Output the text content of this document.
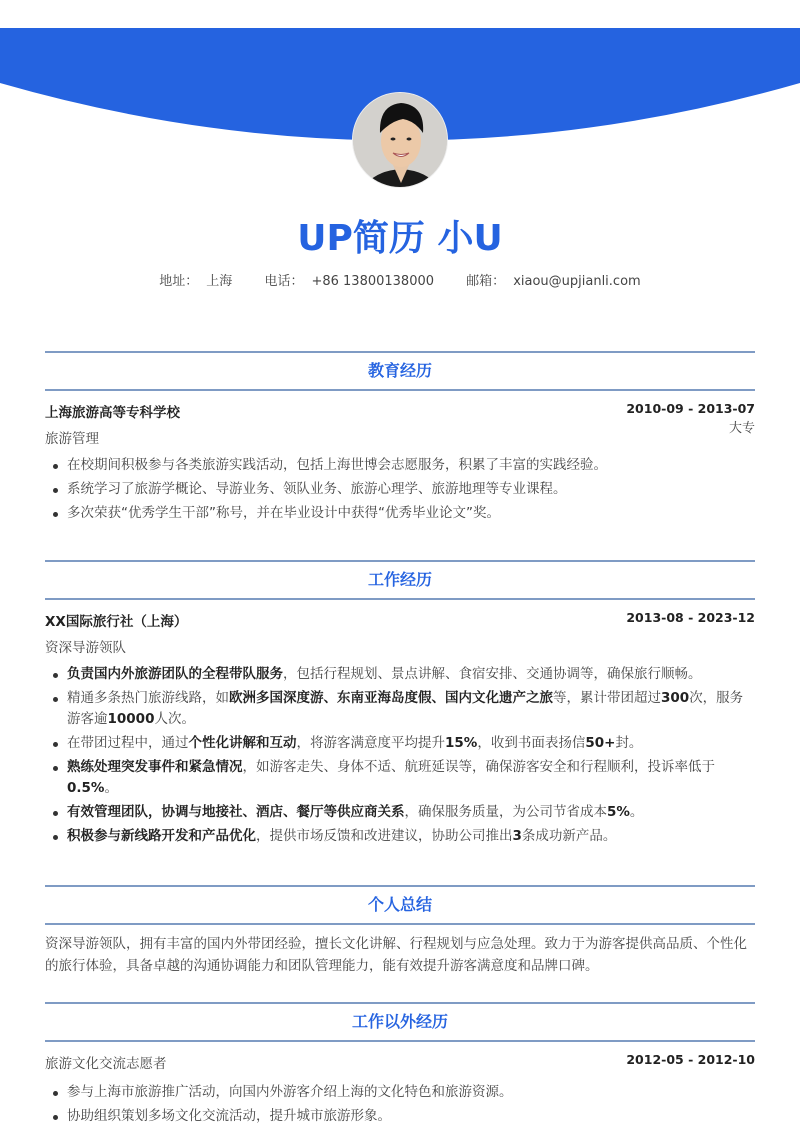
UP简历 小U
地址： 上海 电话： +86 13800138000 邮箱： xiaou@upjianli.com
教育经历
上海旅游高等专科学校	2010-09 - 2013-07
旅游管理
大专
在校期间积极参与各类旅游实践活动，包括上海世博会志愿服务，积累了丰富的实践经验。
系统学习了旅游学概论、导游业务、领队业务、旅游心理学、旅游地理等专业课程。
多次荣获“优秀学生干部”称号，并在毕业设计中获得“优秀毕业论文”奖。
工作经历
XX国际旅行社（上海）	2013-08 - 2023-12
资深导游领队
负责国内外旅游团队的全程带队服务，包括行程规划、景点讲解、食宿安排、交通协调等，确保旅行顺畅。
精通多条热门旅游线路，如欧洲多国深度游、东南亚海岛度假、国内文化遗产之旅等，累计带团超过300次，服务游客逾10000人次。
在带团过程中，通过个性化讲解和互动，将游客满意度平均提升15%，收到书面表扬信50+封。
熟练处理突发事件和紧急情况，如游客走失、身体不适、航班延误等，确保游客安全和行程顺利，投诉率低于0.5%。
有效管理团队，协调与地接社、酒店、餐厅等供应商关系，确保服务质量，为公司节省成本5%。
积极参与新线路开发和产品优化，提供市场反馈和改进建议，协助公司推出3条成功新产品。
个人总结
资深导游领队，拥有丰富的国内外带团经验，擅长文化讲解、行程规划与应急处理。致力于为游客提供高品质、个性化的旅行体验，具备卓越的沟通协调能力和团队管理能力，能有效提升游客满意度和品牌口碑。
工作以外经历
旅游文化交流志愿者	2012-05 - 2012-10
参与上海市旅游推广活动，向国内外游客介绍上海的文化特色和旅游资源。
协助组织策划多场文化交流活动，提升城市旅游形象。
